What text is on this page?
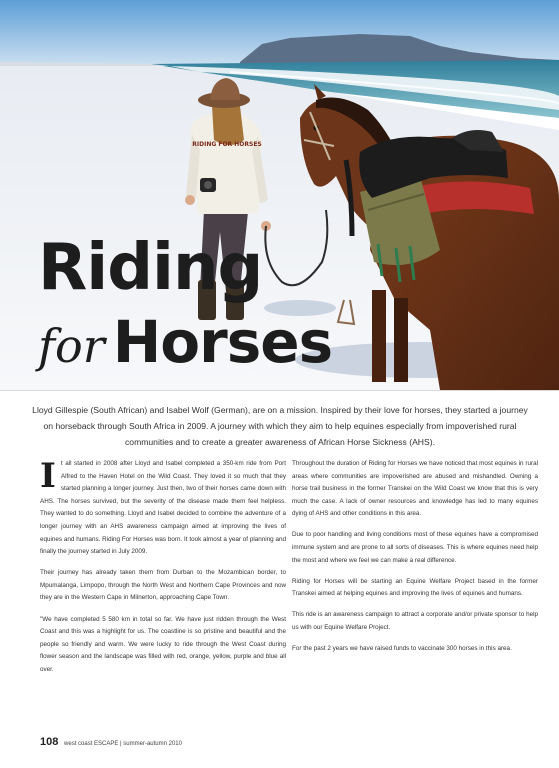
RIDING FOR HORSES
Riding
for Horses
Lloyd Gillespie (South African) and Isabel Wolf (German), are on a mission. Inspired by their love for horses, they started a journey on horseback through South Africa in 2009. A journey with which they aim to help equines especially from impoverished rural communities and to create a greater awareness of African Horse Sickness (AHS).

It all started in 2008 after Lloyd and Isabel completed a 350-km ride from Port Alfred to the Haven Hotel on the Wild Coast. They loved it so much that they started planning a longer journey. Just then, two of their horses came down with AHS. The horses survived, but the severity of the disease made them feel helpless. They wanted to do something. Lloyd and Isabel decided to combine the adventure of a longer journey with an AHS awareness campaign aimed at improving the lives of equines and humans. Riding For Horses was born. It took almost a year of planning and finally the journey started in July 2009.

Their journey has already taken them from Durban to the Mozambican border, to Mpumalanga, Limpopo, through the North West and Northern Cape Provinces and now they are in the Western Cape in Milnerton, approaching Cape Town.

"We have completed 5 580 km in total so far. We have just ridden through the West Coast and this was a highlight for us. The coastline is so pristine and beautiful and the people so friendly and warm. We were lucky to ride through the West Coast during flower season and the landscape was filled with red, orange, yellow, purple and blue all over.

Throughout the duration of Riding for Horses we have noticed that most equines in rural areas where communities are impoverished are abused and mishandled. Owning a horse trail business in the former Transkei on the Wild Coast we know that this is very much the case. A lack of owner resources and knowledge has led to many equines dying of AHS and other conditions in this area.

Due to poor handling and living conditions most of these equines have a compromised immune system and are prone to all sorts of diseases. This is where equines need help the most and where we feel we can make a real difference.

Riding for Horses will be starting an Equine Welfare Project based in the former Transkei aimed at helping equines and improving the lives of equines and humans.

This ride is an awareness campaign to attract a corporate and/or private sponsor to help us with our Equine Welfare Project.

For the past 2 years we have raised funds to vaccinate 300 horses in this area.

108 west coast ESCAPE | summer-autumn 2010
